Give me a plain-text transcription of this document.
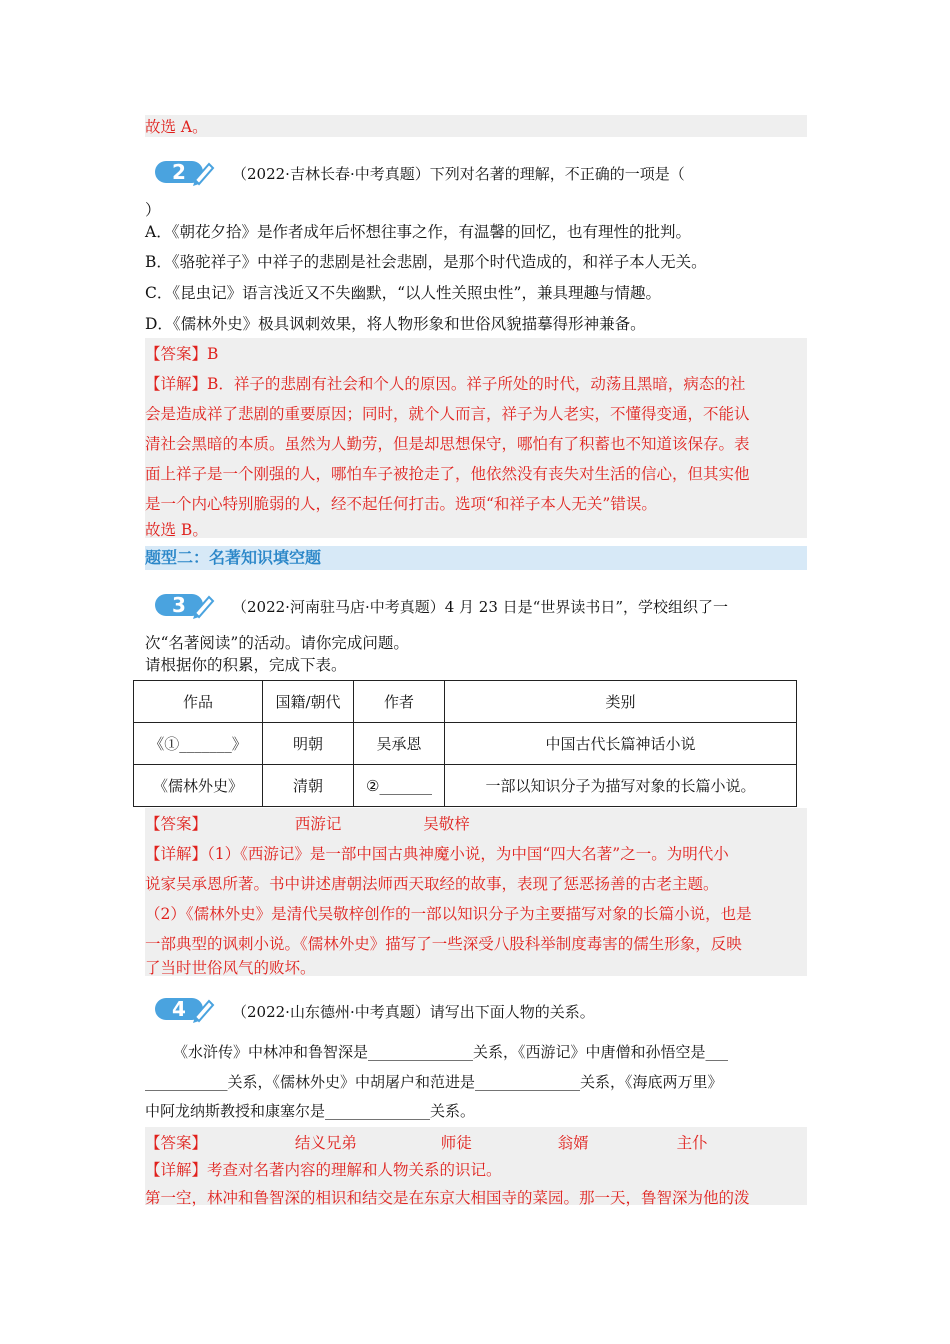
故选 A。
2	（2022·吉林长春·中考真题）下列对名著的理解，不正确的一项是（
）
A．《朝花夕拾》是作者成年后怀想往事之作，有温馨的回忆，也有理性的批判。
B．《骆驼祥子》中祥子的悲剧是社会悲剧，是那个时代造成的，和祥子本人无关。
C．《昆虫记》语言浅近又不失幽默，“以人性关照虫性”，兼具理趣与情趣。
D．《儒林外史》极具讽刺效果，将人物形象和世俗风貌描摹得形神兼备。
【答案】B
【详解】B．祥子的悲剧有社会和个人的原因。祥子所处的时代，动荡且黑暗，病态的社
会是造成祥了悲剧的重要原因；同时，就个人而言，祥子为人老实，不懂得变通，不能认
清社会黑暗的本质。虽然为人勤劳，但是却思想保守，哪怕有了积蓄也不知道该保存。表
面上祥子是一个刚强的人，哪怕车子被抢走了，他依然没有丧失对生活的信心，但其实他
是一个内心特别脆弱的人，经不起任何打击。选项“和祥子本人无关”错误。
故选 B。
题型二：名著知识填空题
3	（2022·河南驻马店·中考真题）4 月 23 日是“世界读书日”，学校组织了一
次“名著阅读”的活动。请你完成问题。
请根据你的积累，完成下表。
作品	国籍/朝代	作者	类别
《①_______》	明朝	吴承恩	中国古代长篇神话小说
《儒林外史》	清朝	②_______	一部以知识分子为描写对象的长篇小说。
【答案】	西游记	吴敬梓
【详解】（1）《西游记》是一部中国古典神魔小说，为中国“四大名著”之一。为明代小
说家吴承恩所著。书中讲述唐朝法师西天取经的故事，表现了惩恶扬善的古老主题。
（2）《儒林外史》是清代吴敬梓创作的一部以知识分子为主要描写对象的长篇小说，也是
一部典型的讽刺小说。《儒林外史》描写了一些深受八股科举制度毒害的儒生形象，反映
了当时世俗风气的败坏。
4	（2022·山东德州·中考真题）请写出下面人物的关系。
《水浒传》中林冲和鲁智深是______________关系，《西游记》中唐僧和孙悟空是___
___________关系，《儒林外史》中胡屠户和范进是______________关系，《海底两万里》
中阿龙纳斯教授和康塞尔是______________关系。
【答案】	结义兄弟	师徒	翁婿	主仆
【详解】考查对名著内容的理解和人物关系的识记。
第一空，林冲和鲁智深的相识和结交是在东京大相国寺的菜园。那一天，鲁智深为他的泼
